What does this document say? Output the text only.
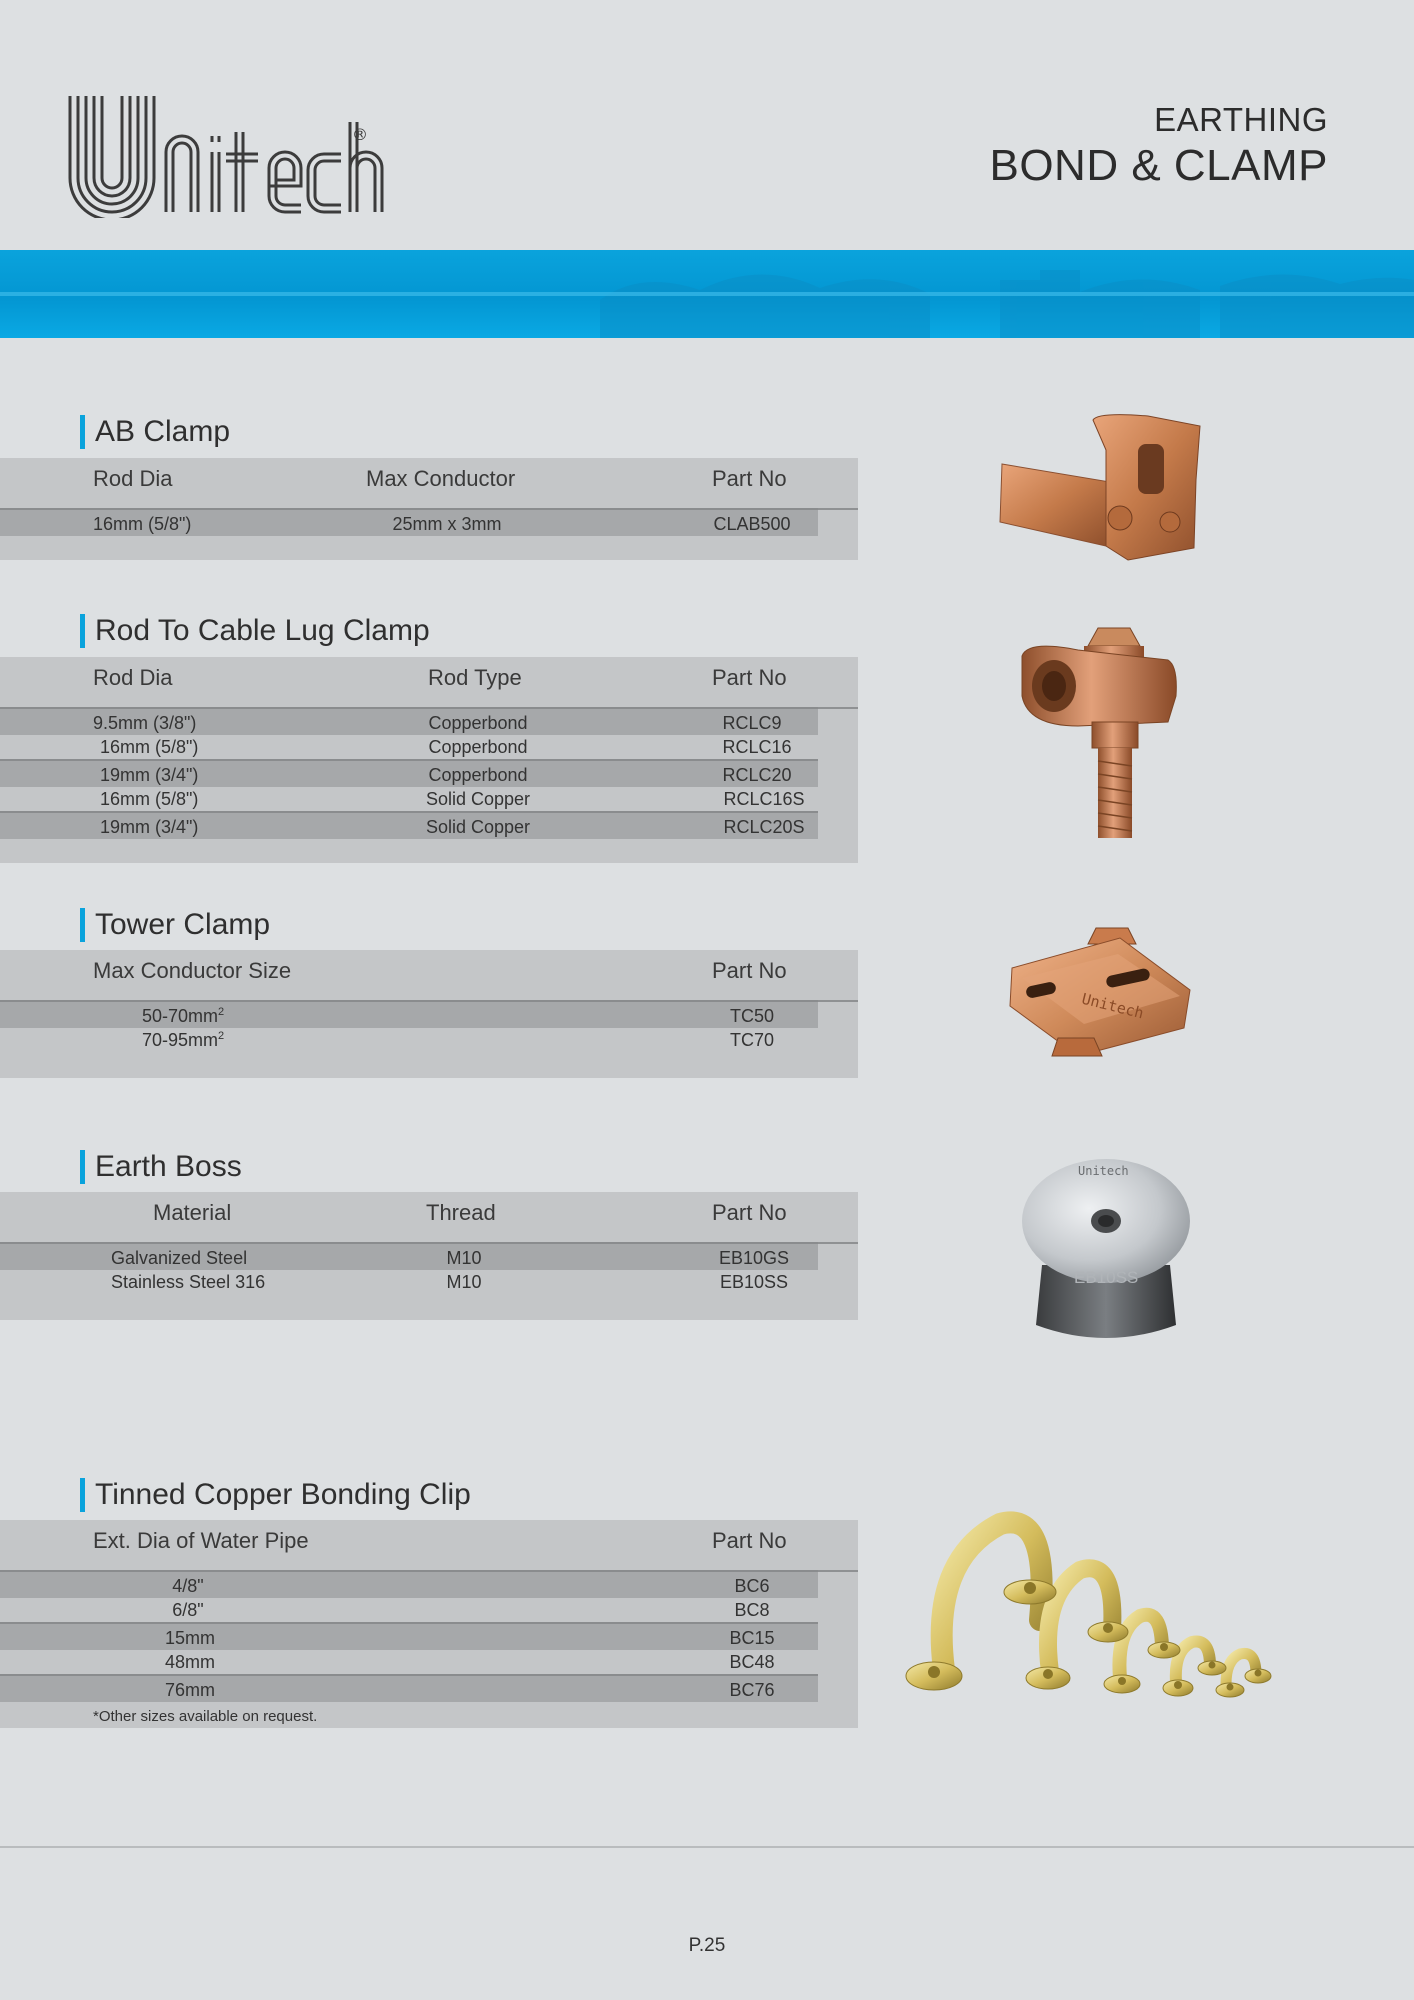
®	EARTHING
BOND & CLAMP
AB Clamp
Rod Dia	Max Conductor	Part No
16mm (5/8")	25mm x 3mm	CLAB500
Rod To Cable Lug Clamp
Rod Dia	Rod Type	Part No
9.5mm (3/8")	Copperbond	RCLC9
16mm (5/8")	Copperbond	RCLC16
19mm (3/4")	Copperbond	RCLC20
16mm (5/8")	Solid Copper	RCLC16S
19mm (3/4")	Solid Copper	RCLC20S
Tower Clamp
Max Conductor Size	Part No
$50-70mm^2$	TC50
$70-95mm^2$	TC70
Unitech
Earth Boss
Material	Thread	Part No
Galvanized Steel	M10	EB10GS
Stainless Steel 316	M10	EB10SS
Unitech
EB10SS
Tinned Copper Bonding Clip
Ext. Dia of Water Pipe	Part No
4/8"	BC6
6/8"	BC8
15mm	BC15
48mm	BC48
76mm	BC76
*Other sizes available on request.
P.25
